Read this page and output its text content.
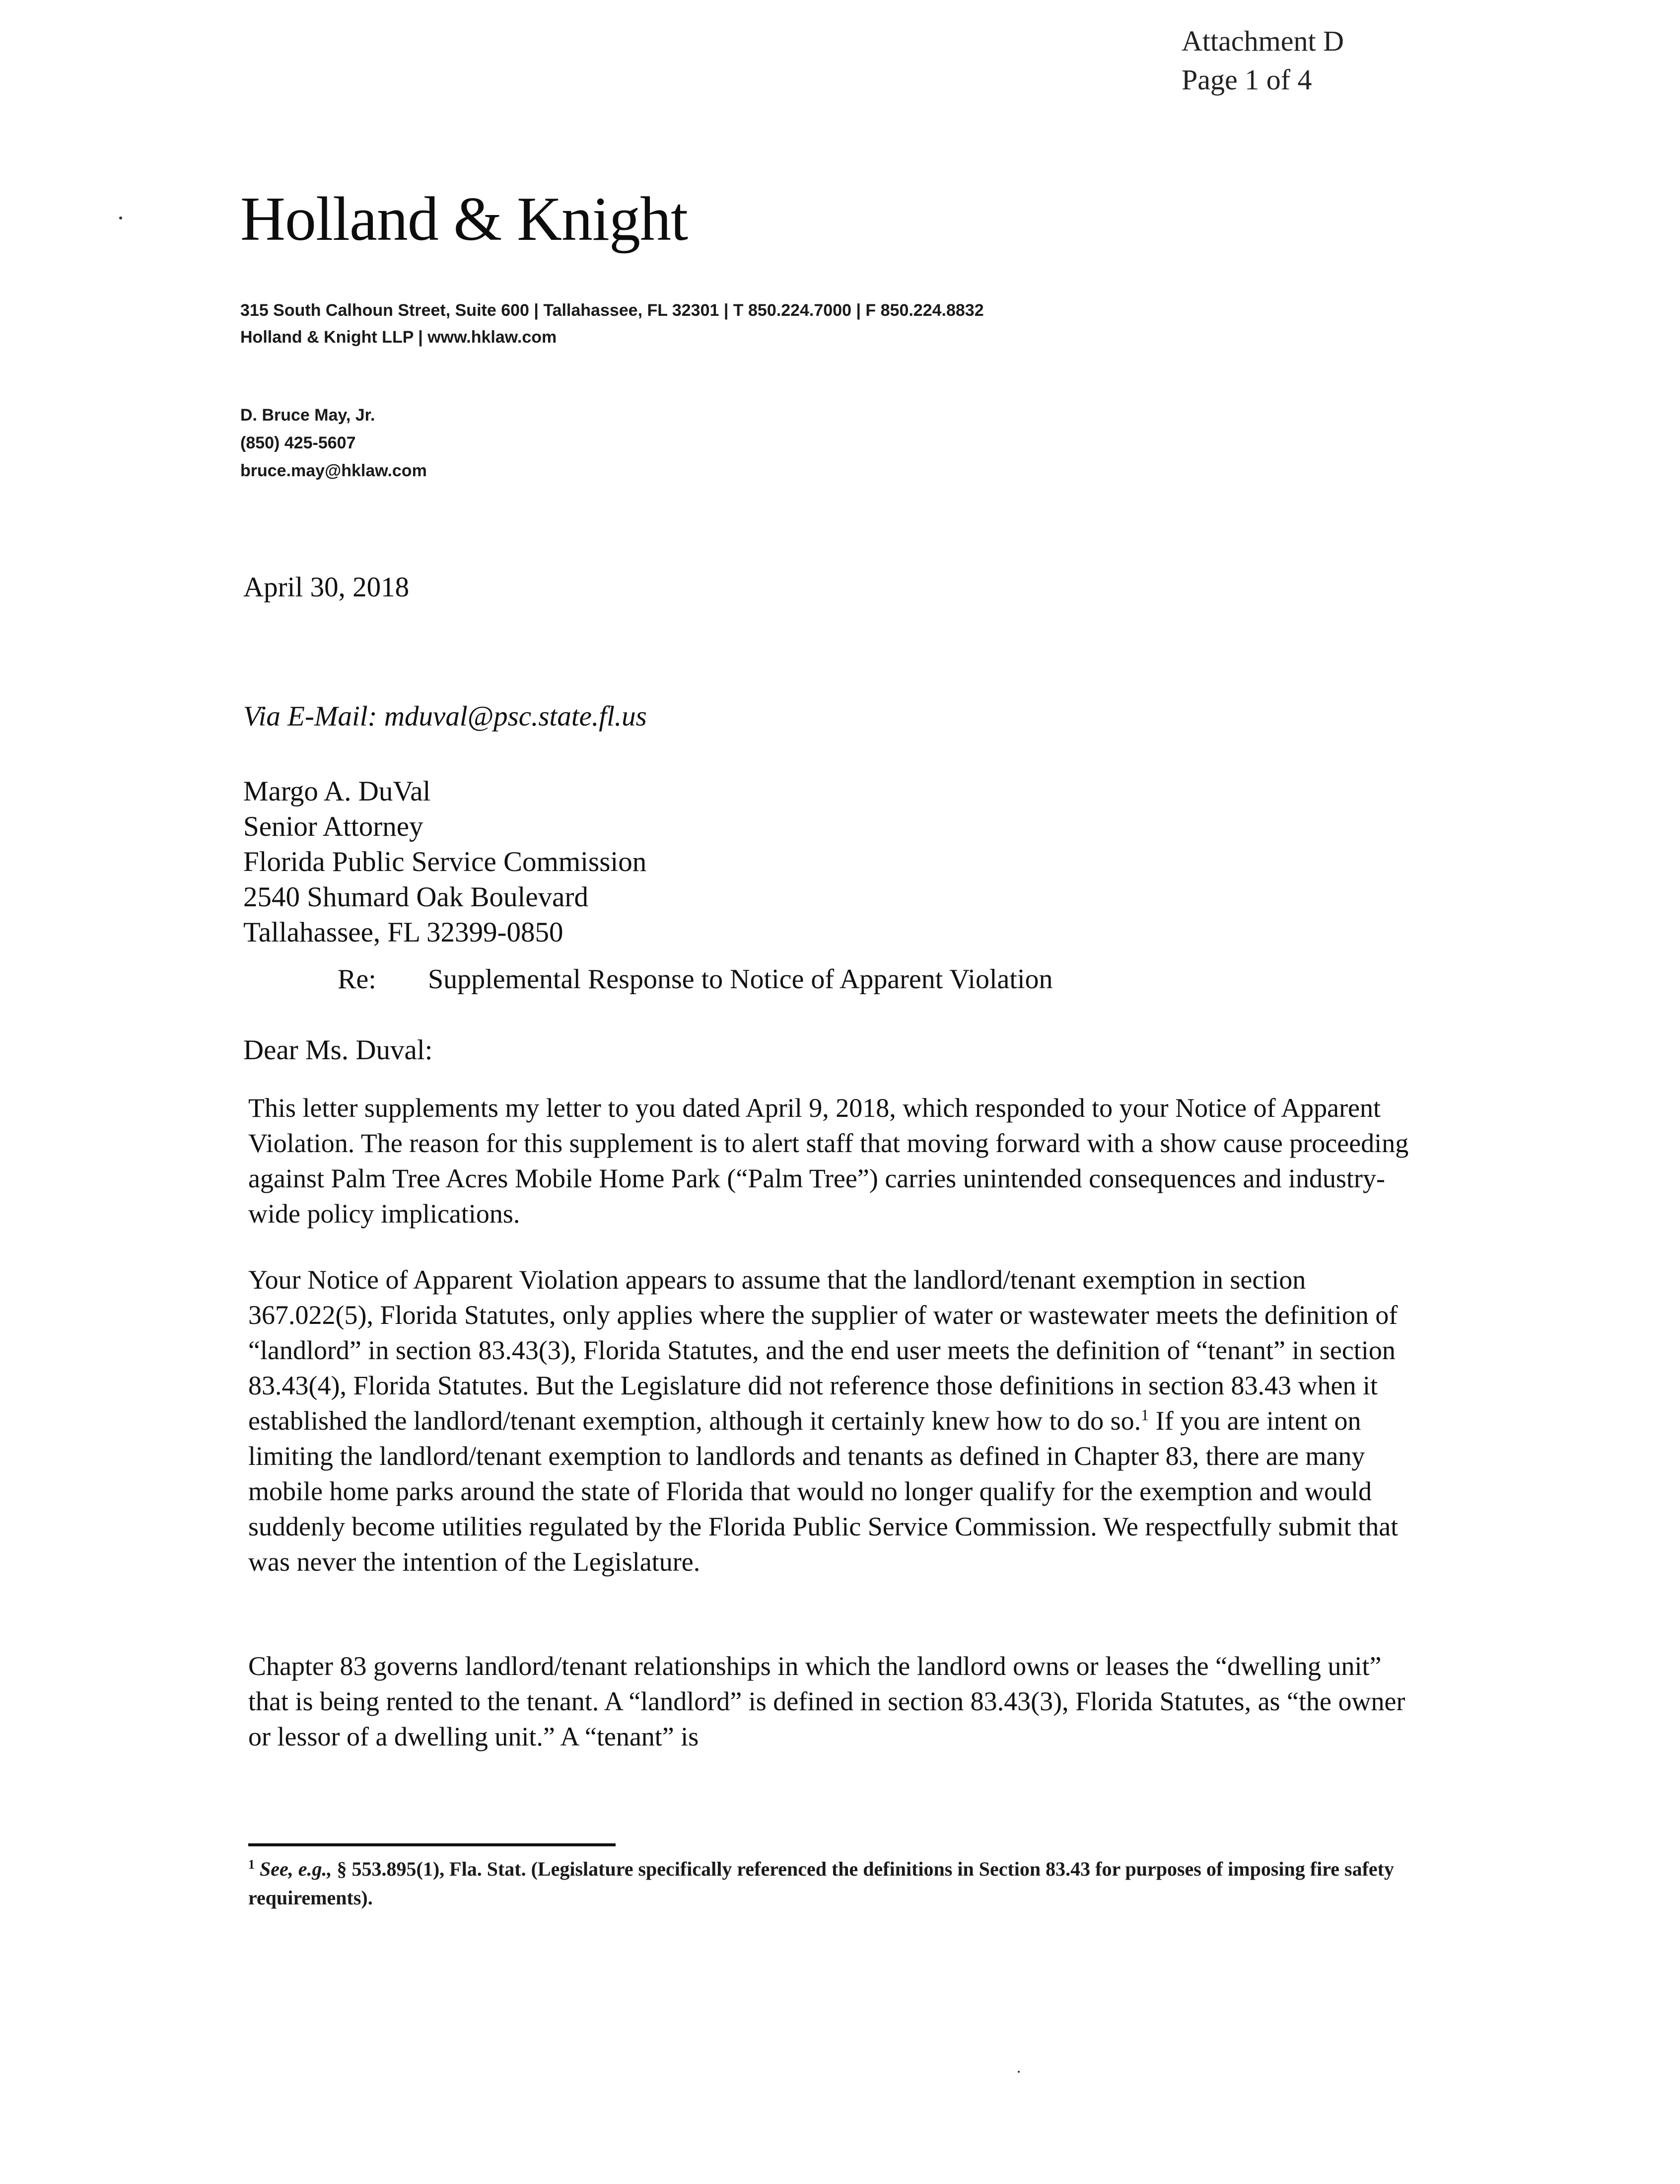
Attachment D
Page 1 of 4
Holland & Knight
315 South Calhoun Street, Suite 600 | Tallahassee, FL 32301 | T 850.224.7000 | F 850.224.8832
Holland & Knight LLP | www.hklaw.com
D. Bruce May, Jr.
(850) 425-5607
bruce.may@hklaw.com
April 30, 2018
Via E-Mail: mduval@psc.state.fl.us
Margo A. DuVal
Senior Attorney
Florida Public Service Commission
2540 Shumard Oak Boulevard
Tallahassee, FL 32399-0850
Re: Supplemental Response to Notice of Apparent Violation
Dear Ms. Duval:
This letter supplements my letter to you dated April 9, 2018, which responded to your Notice of Apparent Violation. The reason for this supplement is to alert staff that moving forward with a show cause proceeding against Palm Tree Acres Mobile Home Park (“Palm Tree”) carries unintended consequences and industry-wide policy implications.
Your Notice of Apparent Violation appears to assume that the landlord/tenant exemption in section 367.022(5), Florida Statutes, only applies where the supplier of water or wastewater meets the definition of “landlord” in section 83.43(3), Florida Statutes, and the end user meets the definition of “tenant” in section 83.43(4), Florida Statutes. But the Legislature did not reference those definitions in section 83.43 when it established the landlord/tenant exemption, although it certainly knew how to do so.$^1$ If you are intent on limiting the landlord/tenant exemption to landlords and tenants as defined in Chapter 83, there are many mobile home parks around the state of Florida that would no longer qualify for the exemption and would suddenly become utilities regulated by the Florida Public Service Commission. We respectfully submit that was never the intention of the Legislature.
Chapter 83 governs landlord/tenant relationships in which the landlord owns or leases the “dwelling unit” that is being rented to the tenant. A “landlord” is defined in section 83.43(3), Florida Statutes, as “the owner or lessor of a dwelling unit.” A “tenant” is
$^1$ See, e.g., § 553.895(1), Fla. Stat. (Legislature specifically referenced the definitions in Section 83.43 for purposes of imposing fire safety requirements).
